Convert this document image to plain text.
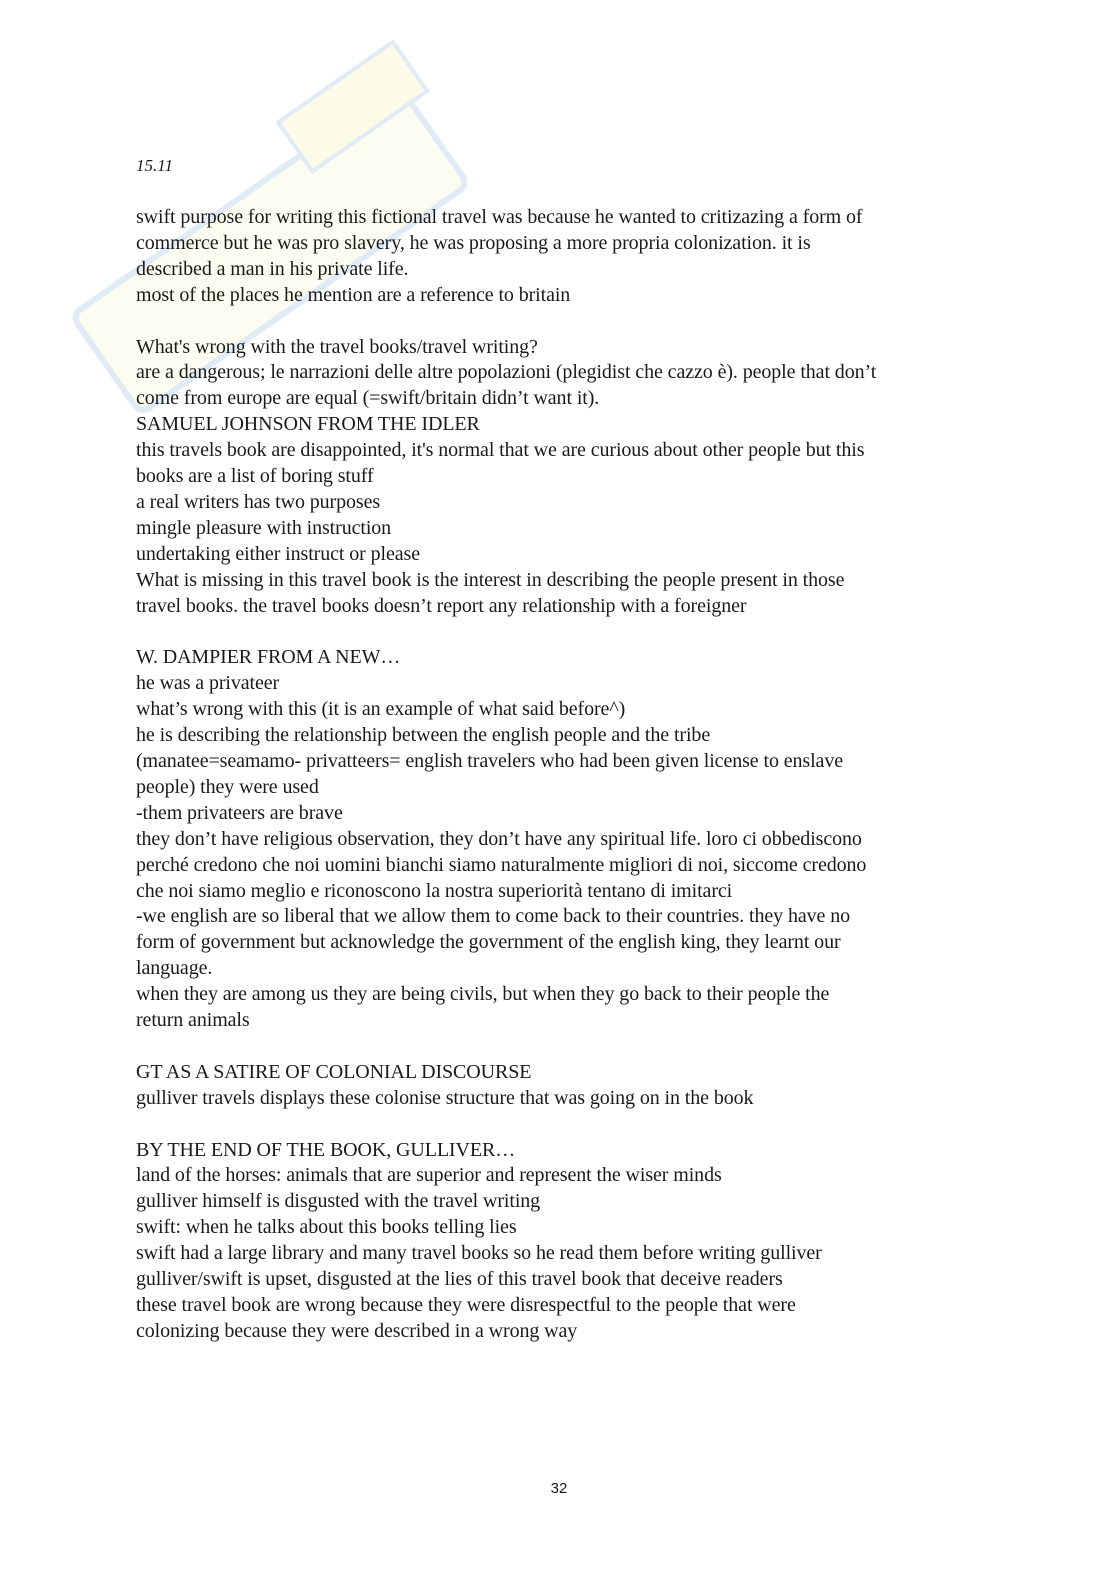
15.11
swift purpose for writing this fictional travel was because he wanted to critizazing a form of
commerce but he was pro slavery, he was proposing a more propria colonization. it is
described a man in his private life.
most of the places he mention are a reference to britain
What's wrong with the travel books/travel writing?
are a dangerous; le narrazioni delle altre popolazioni (plegidist che cazzo è). people that don’t
come from europe are equal (=swift/britain didn’t want it).
SAMUEL JOHNSON FROM THE IDLER
this travels book are disappointed, it's normal that we are curious about other people but this
books are a list of boring stuff
a real writers has two purposes
mingle pleasure with instruction
undertaking either instruct or please
What is missing in this travel book is the interest in describing the people present in those
travel books. the travel books doesn’t report any relationship with a foreigner
W. DAMPIER FROM A NEW…
he was a privateer
what’s wrong with this (it is an example of what said before^)
he is describing the relationship between the english people and the tribe
(manatee=seamamo- privatteers= english travelers who had been given license to enslave
people) they were used
-them privateers are brave
they don’t have religious observation, they don’t have any spiritual life. loro ci obbediscono
perché credono che noi uomini bianchi siamo naturalmente migliori di noi, siccome credono
che noi siamo meglio e riconoscono la nostra superiorità tentano di imitarci
-we english are so liberal that we allow them to come back to their countries. they have no
form of government but acknowledge the government of the english king, they learnt our
language.
when they are among us they are being civils, but when they go back to their people the
return animals
GT AS A SATIRE OF COLONIAL DISCOURSE
gulliver travels displays these colonise structure that was going on in the book
BY THE END OF THE BOOK, GULLIVER…
land of the horses: animals that are superior and represent the wiser minds
gulliver himself is disgusted with the travel writing
swift: when he talks about this books telling lies
swift had a large library and many travel books so he read them before writing gulliver
gulliver/swift is upset, disgusted at the lies of this travel book that deceive readers
these travel book are wrong because they were disrespectful to the people that were
colonizing because they were described in a wrong way
32
